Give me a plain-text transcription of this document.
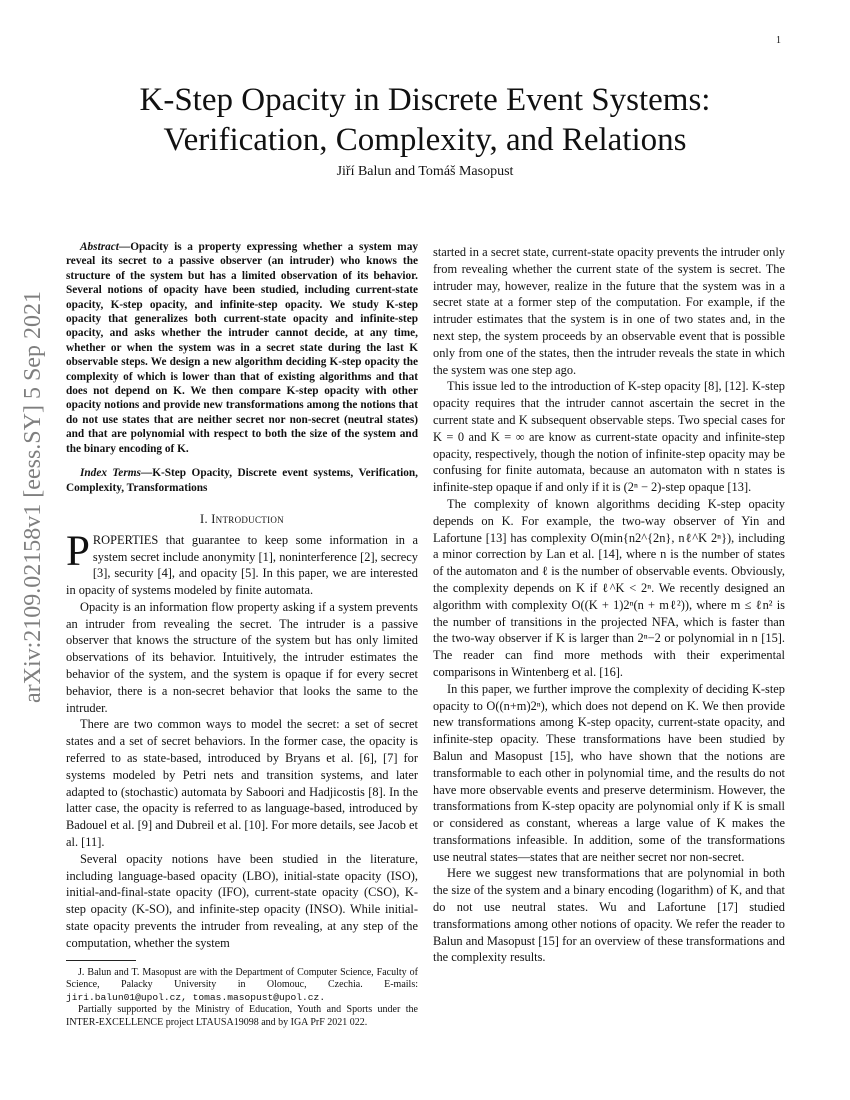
1
arXiv:2109.02158v1 [eess.SY] 5 Sep 2021
K-Step Opacity in Discrete Event Systems:
Verification, Complexity, and Relations
Jiří Balun and Tomáš Masopust

Abstract—Opacity is a property expressing whether a system may reveal its secret to a passive observer (an intruder) who knows the structure of the system but has a limited observation of its behavior. Several notions of opacity have been studied, including current-state opacity, K-step opacity, and infinite-step opacity. We study K-step opacity that generalizes both current-state opacity and infinite-step opacity, and asks whether the intruder cannot decide, at any time, whether or when the system was in a secret state during the last K observable steps. We design a new algorithm deciding K-step opacity the complexity of which is lower than that of existing algorithms and that does not depend on K. We then compare K-step opacity with other opacity notions and provide new transformations among the notions that do not use states that are neither secret nor non-secret (neutral states) and that are polynomial with respect to both the size of the system and the binary encoding of K.

Index Terms—K-Step Opacity, Discrete event systems, Verification, Complexity, Transformations

I. Introduction

PROPERTIES that guarantee to keep some information in a system secret include anonymity [1], noninterference [2], secrecy [3], security [4], and opacity [5]. In this paper, we are interested in opacity of systems modeled by finite automata.

Opacity is an information flow property asking if a system prevents an intruder from revealing the secret. The intruder is a passive observer that knows the structure of the system but has only limited observations of its behavior. Intuitively, the intruder estimates the behavior of the system, and the system is opaque if for every secret behavior, there is a non-secret behavior that looks the same to the intruder.

There are two common ways to model the secret: a set of secret states and a set of secret behaviors. In the former case, the opacity is referred to as state-based, introduced by Bryans et al. [6], [7] for systems modeled by Petri nets and transition systems, and later adapted to (stochastic) automata by Saboori and Hadjicostis [8]. In the latter case, the opacity is referred to as language-based, introduced by Badouel et al. [9] and Dubreil et al. [10]. For more details, see Jacob et al. [11].

Several opacity notions have been studied in the literature, including language-based opacity (LBO), initial-state opacity (ISO), initial-and-final-state opacity (IFO), current-state opacity (CSO), K-step opacity (K-SO), and infinite-step opacity (INSO). While initial-state opacity prevents the intruder from revealing, at any step of the computation, whether the system

J. Balun and T. Masopust are with the Department of Computer Science, Faculty of Science, Palacky University in Olomouc, Czechia. E-mails: jiri.balun01@upol.cz, tomas.masopust@upol.cz.

Partially supported by the Ministry of Education, Youth and Sports under the INTER-EXCELLENCE project LTAUSA19098 and by IGA PrF 2021 022.

started in a secret state, current-state opacity prevents the intruder only from revealing whether the current state of the system is secret. The intruder may, however, realize in the future that the system was in a secret state at a former step of the computation. For example, if the intruder estimates that the system is in one of two states and, in the next step, the system proceeds by an observable event that is possible only from one of the states, then the intruder reveals the state in which the system was one step ago.

This issue led to the introduction of K-step opacity [8], [12]. K-step opacity requires that the intruder cannot ascertain the secret in the current state and K subsequent observable steps. Two special cases for K = 0 and K = ∞ are know as current-state opacity and infinite-step opacity, respectively, though the notion of infinite-step opacity may be confusing for finite automata, because an automaton with n states is infinite-step opaque if and only if it is (2ⁿ − 2)-step opaque [13].

The complexity of known algorithms deciding K-step opacity depends on K. For example, the two-way observer of Yin and Lafortune [13] has complexity O(min{n2^{2n}, nℓ^K 2ⁿ}), including a minor correction by Lan et al. [14], where n is the number of states of the automaton and ℓ is the number of observable events. Obviously, the complexity depends on K if ℓ^K < 2ⁿ. We recently designed an algorithm with complexity O((K + 1)2ⁿ(n + mℓ²)), where m ≤ ℓn² is the number of transitions in the projected NFA, which is faster than the two-way observer if K is larger than 2ⁿ−2 or polynomial in n [15]. The reader can find more methods with their experimental comparisons in Wintenberg et al. [16].

In this paper, we further improve the complexity of deciding K-step opacity to O((n+m)2ⁿ), which does not depend on K. We then provide new transformations among K-step opacity, current-state opacity, and infinite-step opacity. These transformations have been studied by Balun and Masopust [15], who have shown that the notions are transformable to each other in polynomial time, and the results do not have more observable events and preserve determinism. However, the transformations from K-step opacity are polynomial only if K is small or considered as constant, whereas a large value of K makes the transformations infeasible. In addition, some of the transformations use neutral states—states that are neither secret nor non-secret.

Here we suggest new transformations that are polynomial in both the size of the system and a binary encoding (logarithm) of K, and that do not use neutral states. Wu and Lafortune [17] studied transformations among other notions of opacity. We refer the reader to Balun and Masopust [15] for an overview of these transformations and the complexity results.
